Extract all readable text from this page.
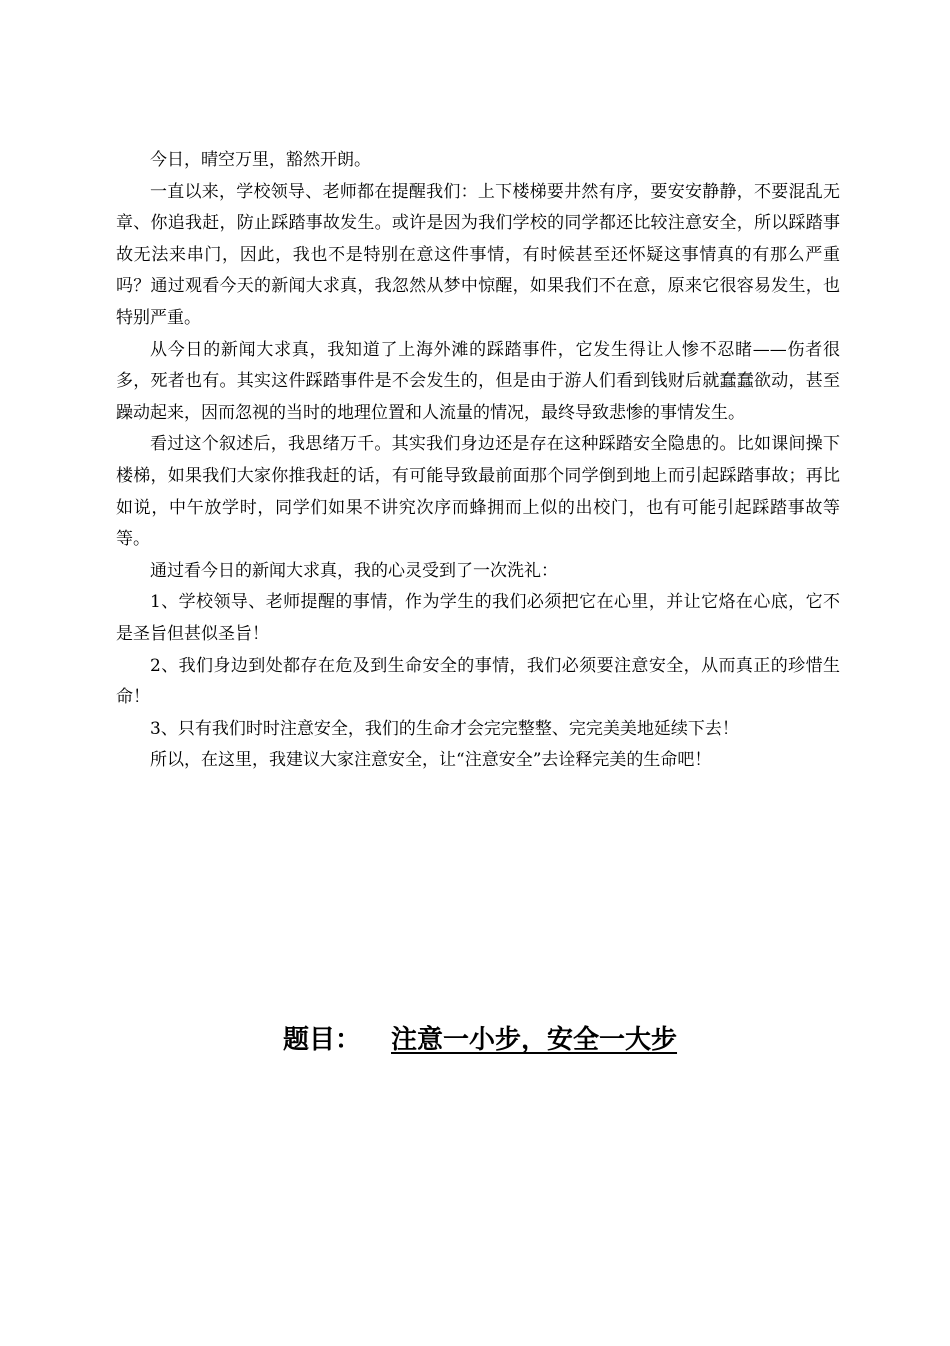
今日，晴空万里，豁然开朗。

一直以来，学校领导、老师都在提醒我们：上下楼梯要井然有序，要安安静静，不要混乱无章、你追我赶，防止踩踏事故发生。或许是因为我们学校的同学都还比较注意安全，所以踩踏事故无法来串门，因此，我也不是特别在意这件事情，有时候甚至还怀疑这事情真的有那么严重吗？通过观看今天的新闻大求真，我忽然从梦中惊醒，如果我们不在意，原来它很容易发生，也特别严重。

从今日的新闻大求真，我知道了上海外滩的踩踏事件，它发生得让人惨不忍睹——伤者很多，死者也有。其实这件踩踏事件是不会发生的，但是由于游人们看到钱财后就蠢蠢欲动，甚至躁动起来，因而忽视的当时的地理位置和人流量的情况，最终导致悲惨的事情发生。

看过这个叙述后，我思绪万千。其实我们身边还是存在这种踩踏安全隐患的。比如课间操下楼梯，如果我们大家你推我赶的话，有可能导致最前面那个同学倒到地上而引起踩踏事故；再比如说，中午放学时，同学们如果不讲究次序而蜂拥而上似的出校门，也有可能引起踩踏事故等等。

通过看今日的新闻大求真，我的心灵受到了一次洗礼：

1、学校领导、老师提醒的事情，作为学生的我们必须把它在心里，并让它烙在心底，它不是圣旨但甚似圣旨！

2、我们身边到处都存在危及到生命安全的事情，我们必须要注意安全，从而真正的珍惜生命！

3、只有我们时时注意安全，我们的生命才会完完整整、完完美美地延续下去！

所以，在这里，我建议大家注意安全，让“注意安全”去诠释完美的生命吧！

题目： 注意一小步，安全一大步
